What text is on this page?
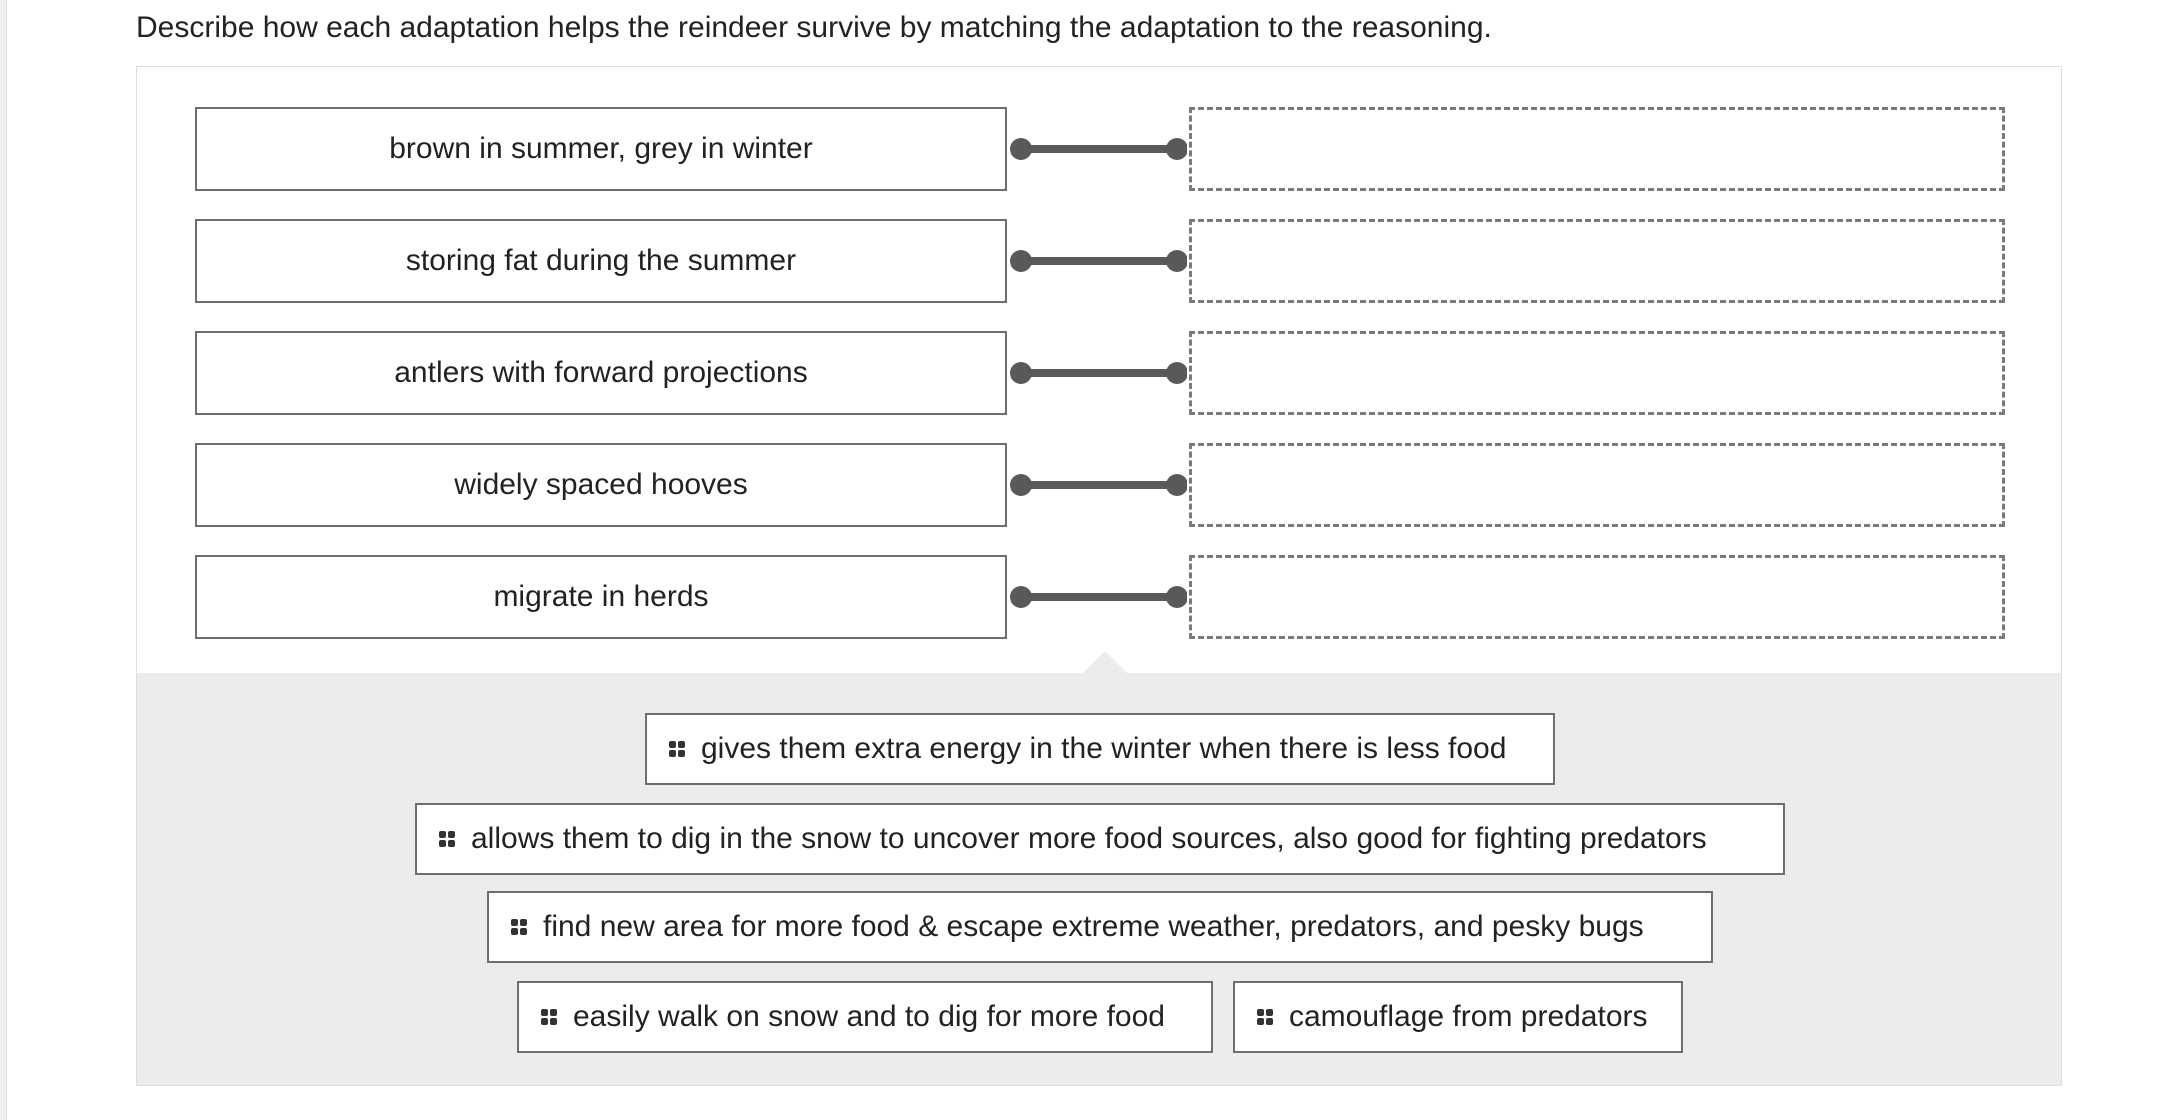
Describe how each adaptation helps the reindeer survive by matching the adaptation to the reasoning.
brown in summer, grey in winter
storing fat during the summer
antlers with forward projections
widely spaced hooves
migrate in herds
gives them extra energy in the winter when there is less food
allows them to dig in the snow to uncover more food sources, also good for fighting predators
find new area for more food & escape extreme weather, predators, and pesky bugs
easily walk on snow and to dig for more food	camouflage from predators
